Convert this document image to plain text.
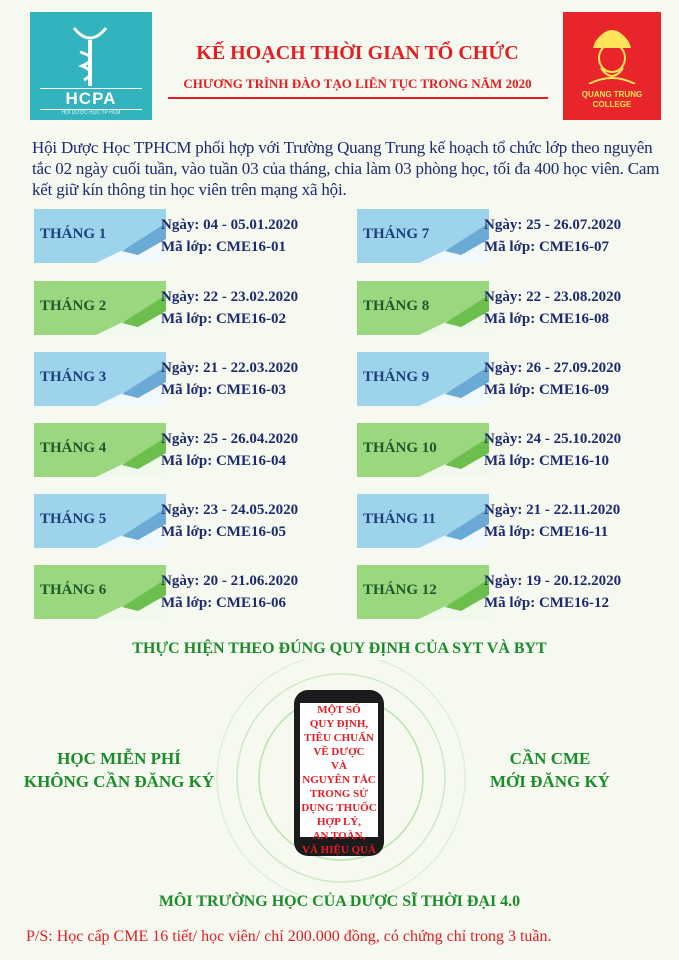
HCPA
HỘI DƯỢC HỌC TP HCM
QUANG TRUNG COLLEGE
KẾ HOẠCH THỜI GIAN TỔ CHỨC
CHƯƠNG TRÌNH ĐÀO TẠO LIÊN TỤC TRONG NĂM 2020
Hội Dược Học TPHCM phối hợp với Trường Quang Trung kế hoạch tổ chức lớp theo nguyên tắc 02 ngày cuối tuần, vào tuần 03 của tháng, chia làm 03 phòng học, tối đa 400 học viên. Cam kết giữ kín thông tin học viên trên mạng xã hội.
THÁNG 1
Ngày: 04 - 05.01.2020
Mã lớp: CME16-01
THÁNG 2
Ngày: 22 - 23.02.2020
Mã lớp: CME16-02
THÁNG 3
Ngày: 21 - 22.03.2020
Mã lớp: CME16-03
THÁNG 4
Ngày: 25 - 26.04.2020
Mã lớp: CME16-04
THÁNG 5
Ngày: 23 - 24.05.2020
Mã lớp: CME16-05
THÁNG 6
Ngày: 20 - 21.06.2020
Mã lớp: CME16-06
THÁNG 7
Ngày: 25 - 26.07.2020
Mã lớp: CME16-07
THÁNG 8
Ngày: 22 - 23.08.2020
Mã lớp: CME16-08
THÁNG 9
Ngày: 26 - 27.09.2020
Mã lớp: CME16-09
THÁNG 10
Ngày: 24 - 25.10.2020
Mã lớp: CME16-10
THÁNG 11
Ngày: 21 - 22.11.2020
Mã lớp: CME16-11
THÁNG 12
Ngày: 19 - 20.12.2020
Mã lớp: CME16-12
THỰC HIỆN THEO ĐÚNG QUY ĐỊNH CỦA SYT VÀ BYT
MỘT SỐ
QUY ĐỊNH,
TIÊU CHUẨN
VỀ DƯỢC
VÀ
NGUYÊN TẮC
TRONG SỬ
DỤNG THUỐC
HỢP LÝ,
AN TOÀN,
VÀ HIỆU QUẢ
HỌC MIỄN PHÍ
KHÔNG CẦN ĐĂNG KÝ
CẦN CME
MỚI ĐĂNG KÝ
MÔI TRƯỜNG HỌC CỦA DƯỢC SĨ THỜI ĐẠI 4.0
P/S: Học cấp CME 16 tiết/ học viên/ chỉ 200.000 đồng, có chứng chỉ trong 3 tuần.
